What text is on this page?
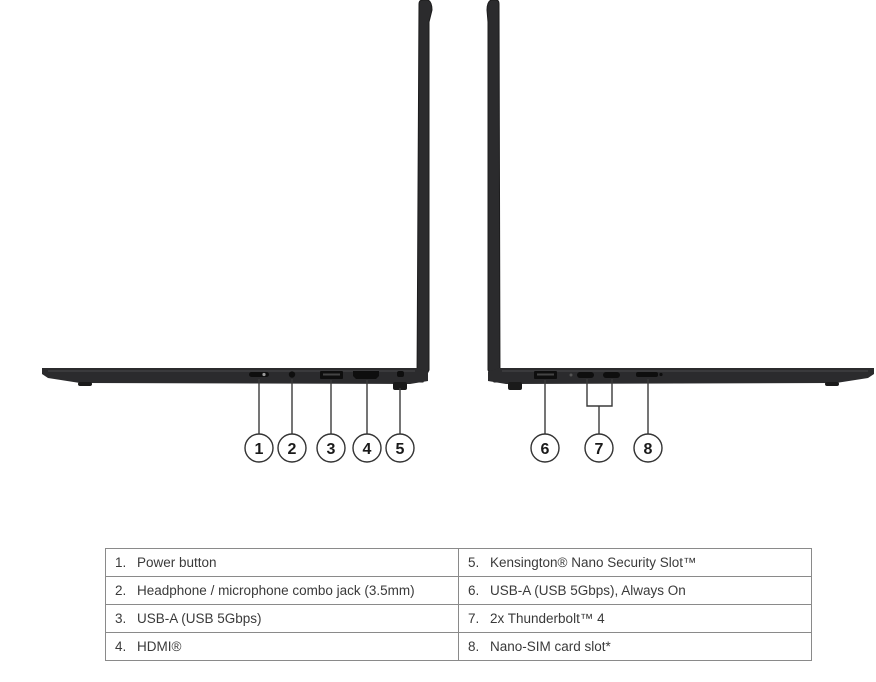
1 2 3 4 5	6	7	8
1. Power button	5. Kensington® Nano Security Slot™
2. Headphone / microphone combo jack (3.5mm)	6. USB-A (USB 5Gbps), Always On
3. USB-A (USB 5Gbps)	7. 2x Thunderbolt™ 4
4. HDMI®	8. Nano-SIM card slot*
